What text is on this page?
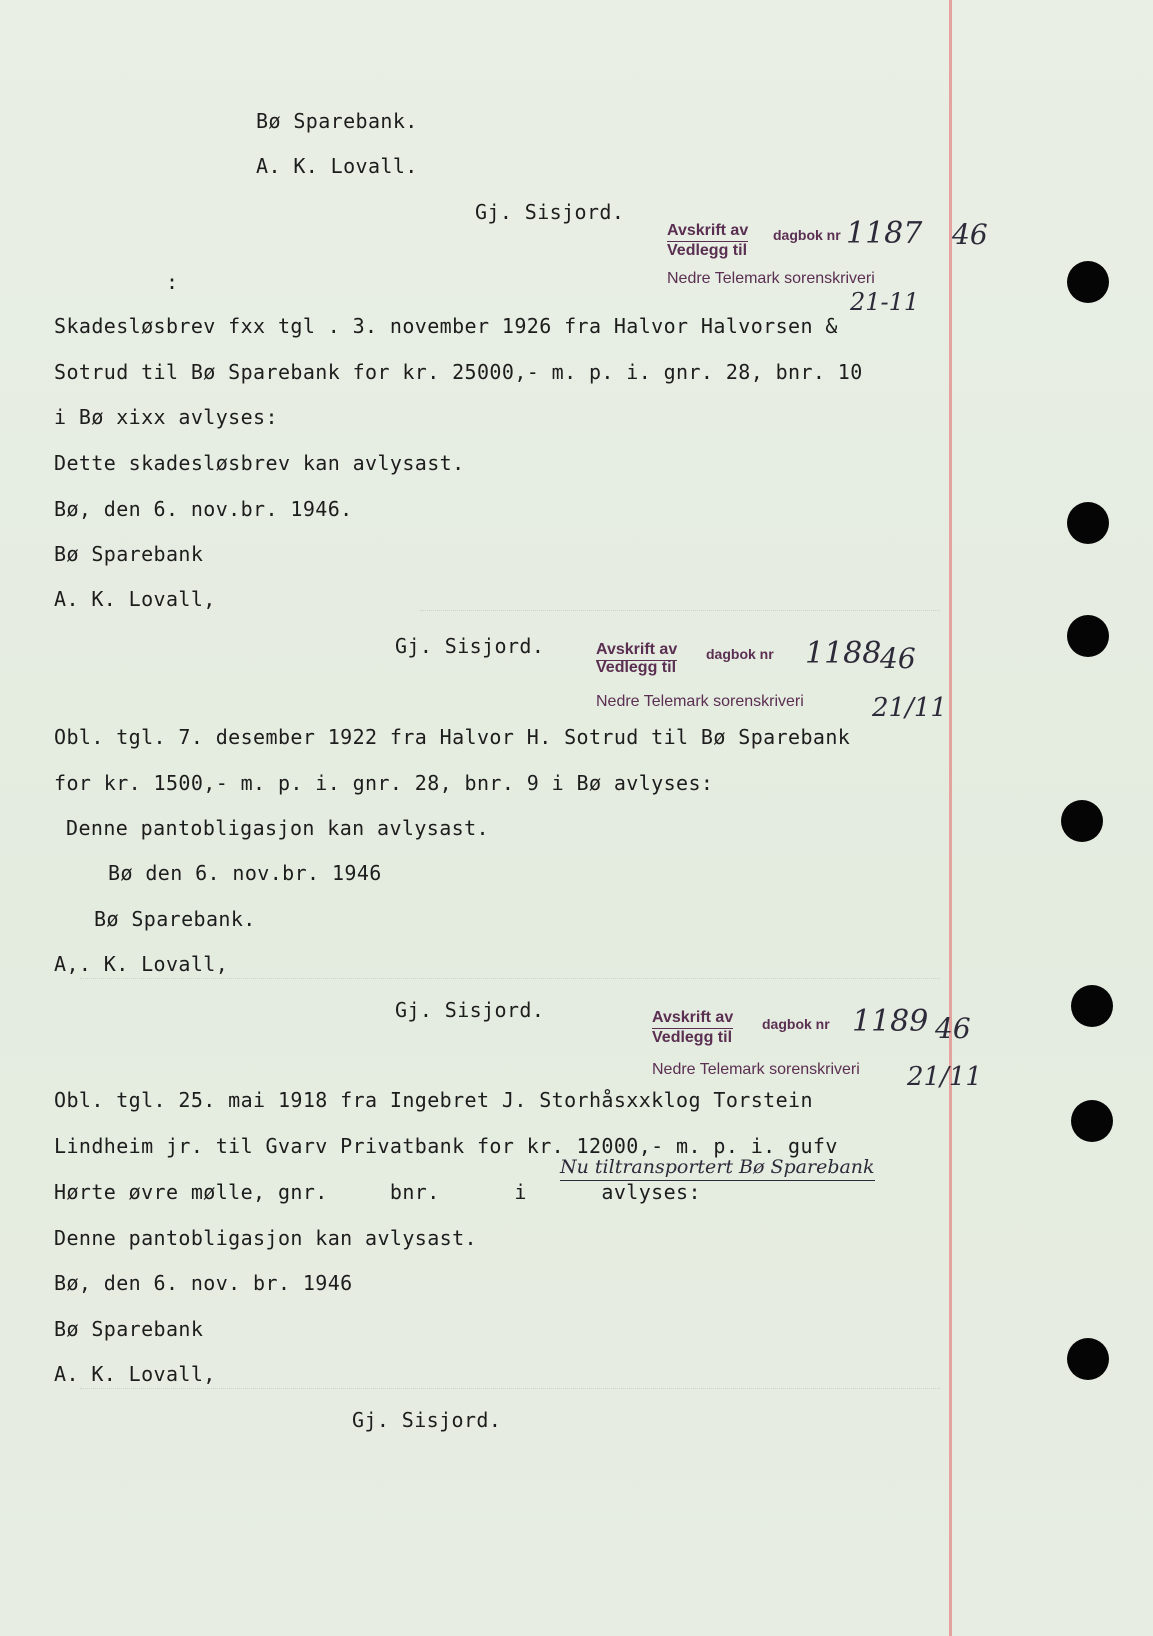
Bø Sparebank.
A. K. Lovall.
Gj. Sisjord.
Avskrift av dagbok nr
Vedlegg til
Nedre Telemark sorenskriveri
1187 46
21-11
:
Skadesløsbrev fxx tgl . 3. november 1926 fra Halvor Halvorsen &
Sotrud til Bø Sparebank for kr. 25000,- m. p. i. gnr. 28, bnr. 10
i Bø xixx avlyses:
Dette skadesløsbrev kan avlysast.
Bø, den 6. nov.br. 1946.
Bø Sparebank
A. K. Lovall,
Gj. Sisjord.	Avskrift av dagbok nr
Vedlegg til
Nedre Telemark sorenskriveri
1188
46
21/11
Obl. tgl. 7. desember 1922 fra Halvor H. Sotrud til Bø Sparebank
for kr. 1500,- m. p. i. gnr. 28, bnr. 9 i Bø avlyses:
Denne pantobligasjon kan avlysast.
Bø den 6. nov.br. 1946
Bø Sparebank.
A,. K. Lovall,
Gj. Sisjord.	Avskrift av dagbok nr
Vedlegg til
Nedre Telemark sorenskriveri
1189 46
21/11
Obl. tgl. 25. mai 1918 fra Ingebret J. Storhåsxxklog Torstein
Lindheim jr. til Gvarv Privatbank for kr. 12000,- m. p. i. gufv
Nu tiltransportert Bø Sparebank
Hørte øvre mølle, gnr.     bnr.      i      avlyses:
Denne pantobligasjon kan avlysast.
Bø, den 6. nov. br. 1946
Bø Sparebank
A. K. Lovall,
Gj. Sisjord.
